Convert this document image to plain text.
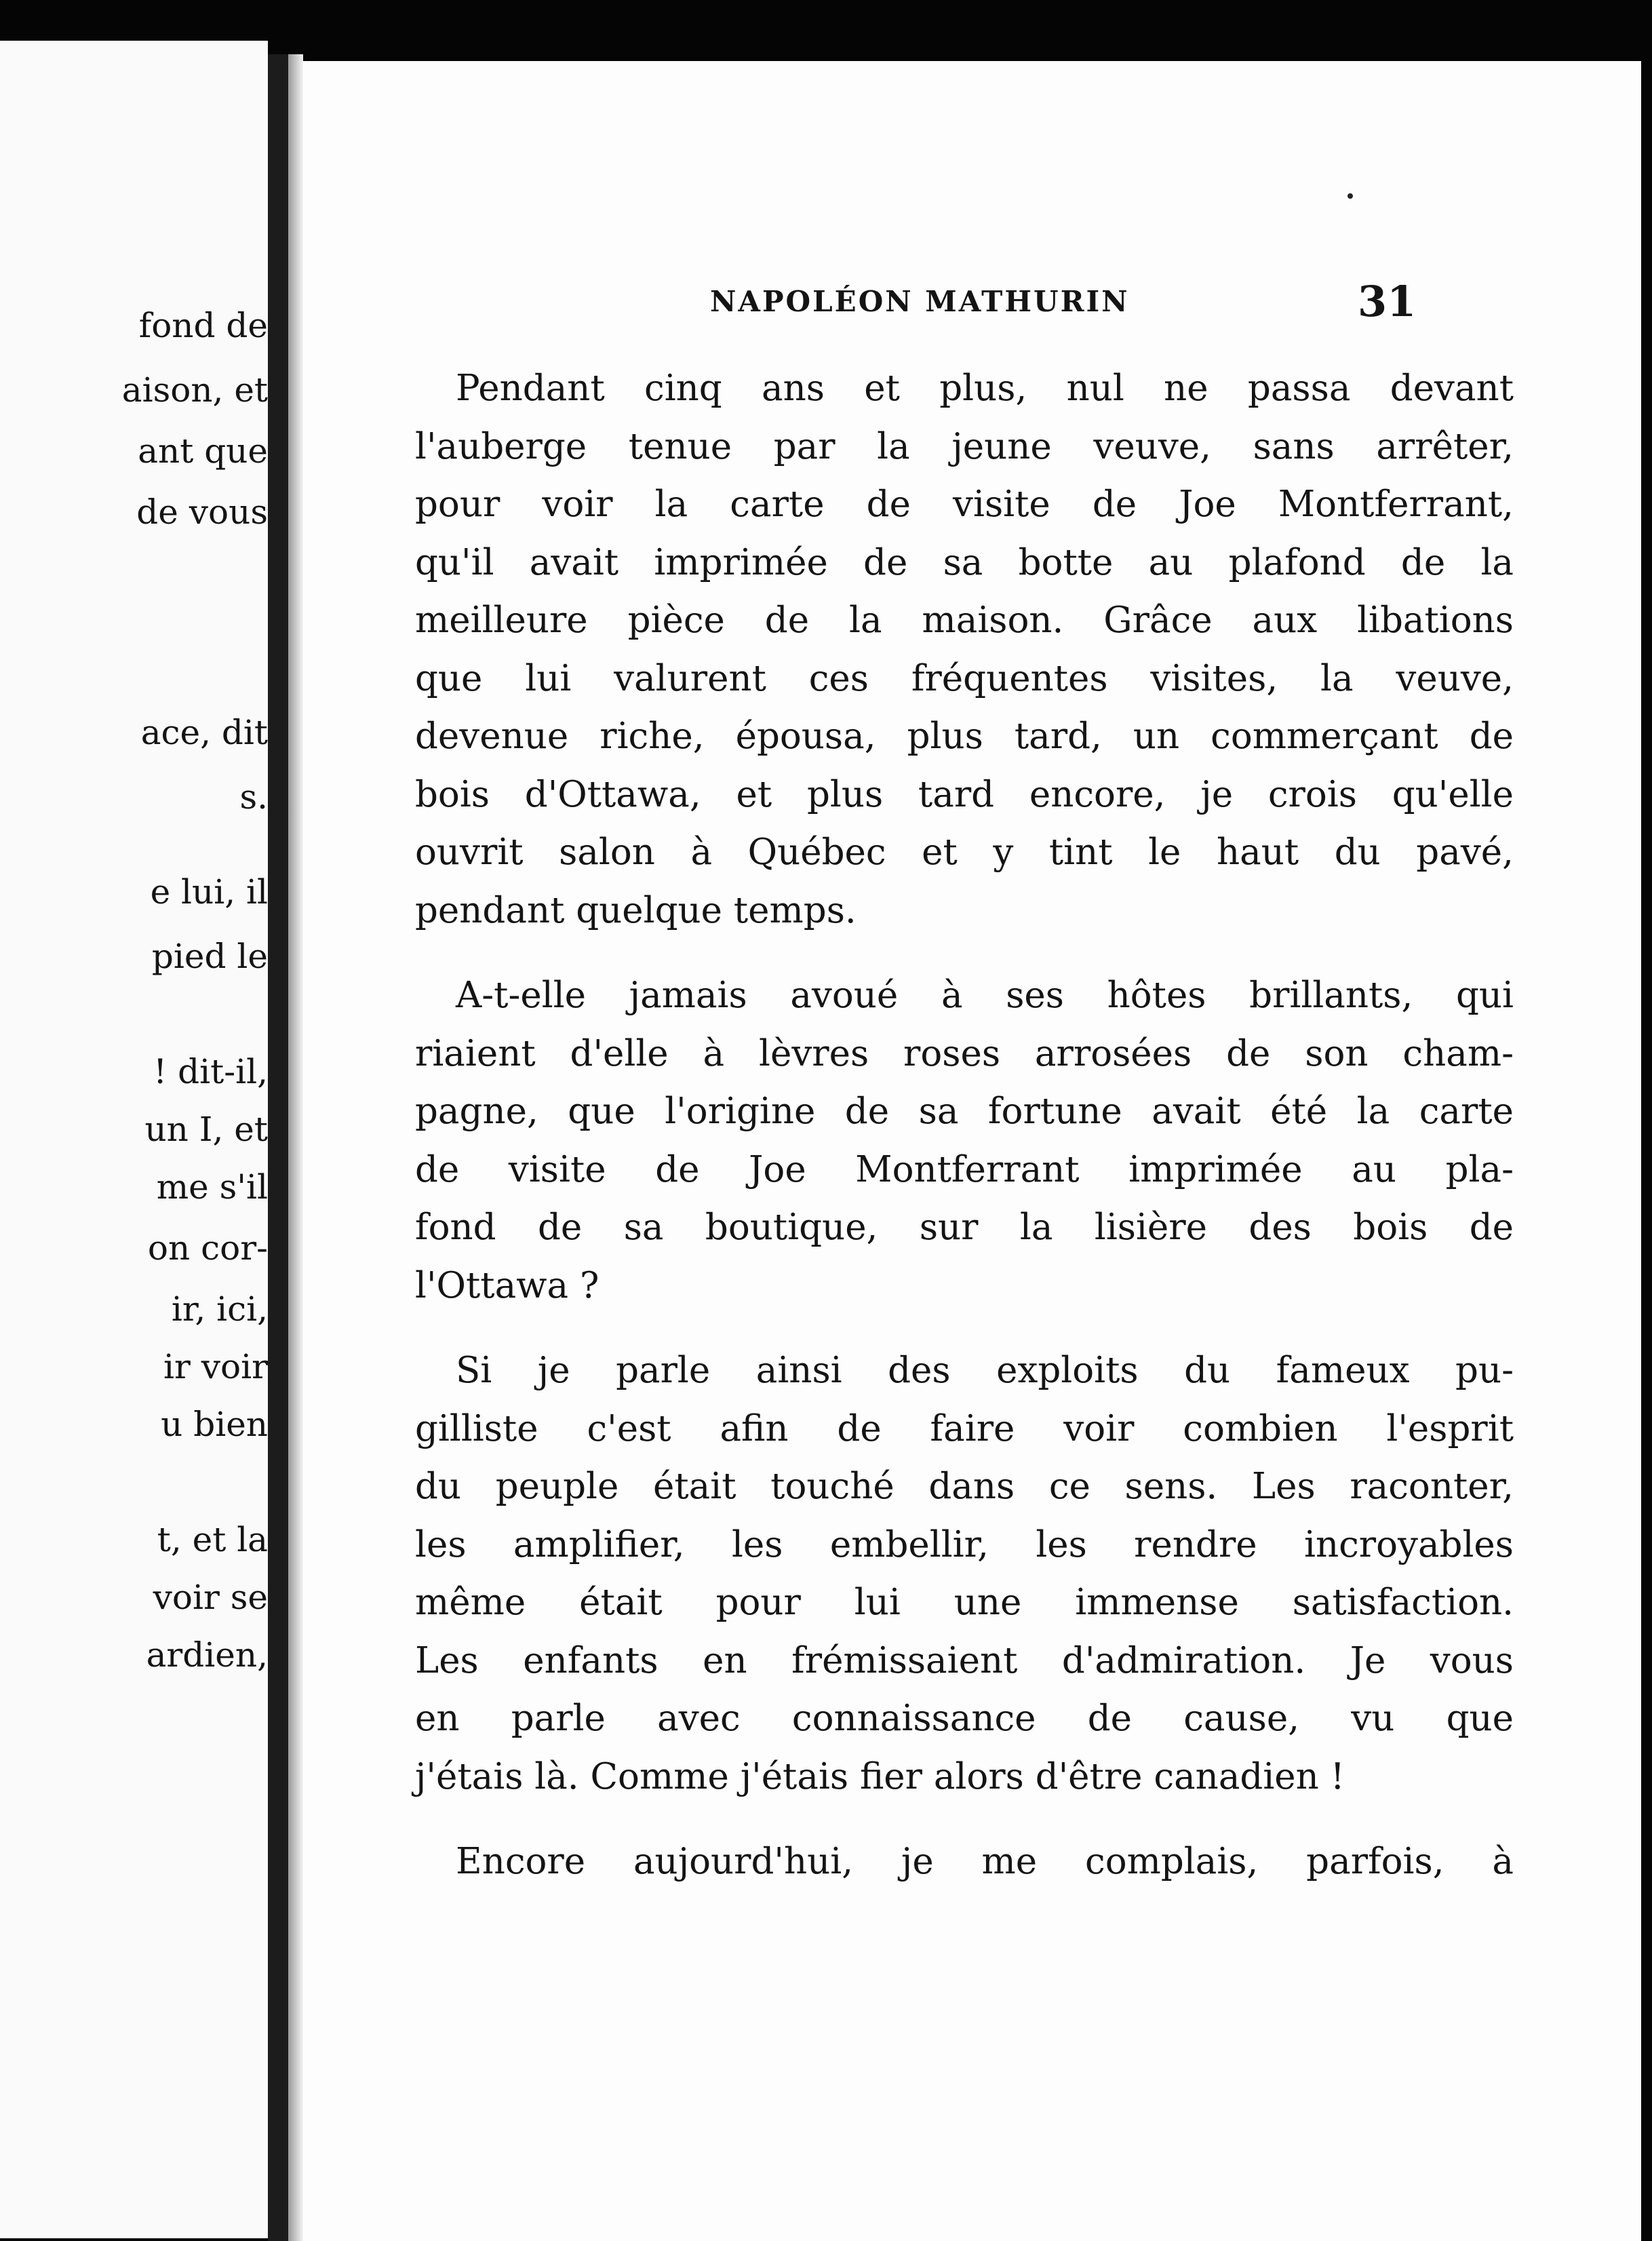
fond de
aison, et
ant que
de vous
ace, dit
s.
e lui, il
pied le
! dit-il,
un I, et
me s'il
on cor-
ir, ici,
ir voir
u bien
t, et la
voir se
ardien,
NAPOLÉON MATHURIN	31
Pendant cinq ans et plus, nul ne passa devant
l'auberge tenue par la jeune veuve, sans arrêter,
pour voir la carte de visite de Joe Montferrant,
qu'il avait imprimée de sa botte au plafond de la
meilleure pièce de la maison. Grâce aux libations
que lui valurent ces fréquentes visites, la veuve,
devenue riche, épousa, plus tard, un commerçant de
bois d'Ottawa, et plus tard encore, je crois qu'elle
ouvrit salon à Québec et y tint le haut du pavé,
pendant quelque temps.
A-t-elle jamais avoué à ses hôtes brillants, qui
riaient d'elle à lèvres roses arrosées de son cham-
pagne, que l'origine de sa fortune avait été la carte
de visite de Joe Montferrant imprimée au pla-
fond de sa boutique, sur la lisière des bois de
l'Ottawa ?
Si je parle ainsi des exploits du fameux pu-
gilliste c'est afin de faire voir combien l'esprit
du peuple était touché dans ce sens. Les raconter,
les amplifier, les embellir, les rendre incroyables
même était pour lui une immense satisfaction.
Les enfants en frémissaient d'admiration. Je vous
en parle avec connaissance de cause, vu que
j'étais là. Comme j'étais fier alors d'être canadien !
Encore aujourd'hui, je me complais, parfois, à
